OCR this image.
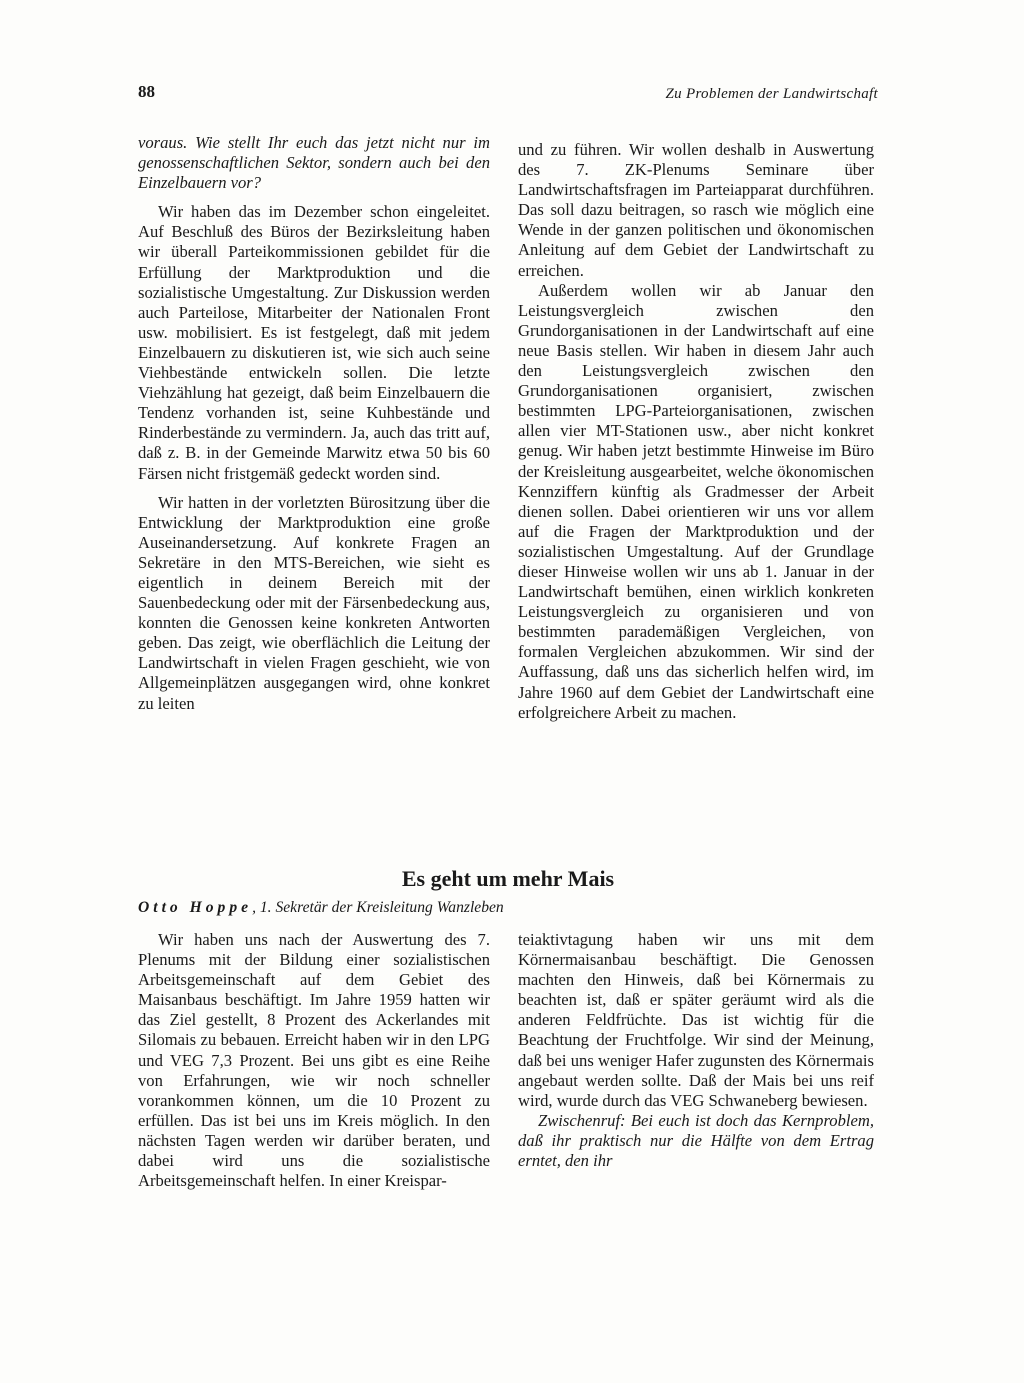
88	Zu Problemen der Landwirtschaft

voraus. Wie stellt Ihr euch das jetzt nicht nur im genossenschaftlichen Sektor, sondern auch bei den Einzelbauern vor?

Wir haben das im Dezember schon eingeleitet. Auf Beschluß des Büros der Bezirksleitung haben wir überall Parteikommissionen gebildet für die Erfüllung der Marktproduktion und die sozialistische Umgestaltung. Zur Diskussion werden auch Parteilose, Mitarbeiter der Nationalen Front usw. mobilisiert. Es ist festgelegt, daß mit jedem Einzelbauern zu diskutieren ist, wie sich auch seine Viehbestände entwickeln sollen. Die letzte Viehzählung hat gezeigt, daß beim Einzelbauern die Tendenz vorhanden ist, seine Kuhbestände und Rinderbestände zu vermindern. Ja, auch das tritt auf, daß z. B. in der Gemeinde Marwitz etwa 50 bis 60 Färsen nicht fristgemäß gedeckt worden sind.

Wir hatten in der vorletzten Bürositzung über die Entwicklung der Marktproduktion eine große Auseinandersetzung. Auf konkrete Fragen an Sekretäre in den MTS-Bereichen, wie sieht es eigentlich in deinem Bereich mit der Sauenbedeckung oder mit der Färsenbedeckung aus, konnten die Genossen keine konkreten Antworten geben. Das zeigt, wie oberflächlich die Leitung der Landwirtschaft in vielen Fragen geschieht, wie von Allgemeinplätzen ausgegangen wird, ohne konkret zu leiten

und zu führen. Wir wollen deshalb in Auswertung des 7. ZK-Plenums Seminare über Landwirtschaftsfragen im Parteiapparat durchführen. Das soll dazu beitragen, so rasch wie möglich eine Wende in der ganzen politischen und ökonomischen Anleitung auf dem Gebiet der Landwirtschaft zu erreichen.

Außerdem wollen wir ab Januar den Leistungsvergleich zwischen den Grundorganisationen in der Landwirtschaft auf eine neue Basis stellen. Wir haben in diesem Jahr auch den Leistungsvergleich zwischen den Grundorganisationen organisiert, zwischen bestimmten LPG-Parteiorganisationen, zwischen allen vier MT-Stationen usw., aber nicht konkret genug. Wir haben jetzt bestimmte Hinweise im Büro der Kreisleitung ausgearbeitet, welche ökonomischen Kennziffern künftig als Gradmesser der Arbeit dienen sollen. Dabei orientieren wir uns vor allem auf die Fragen der Marktproduktion und der sozialistischen Umgestaltung. Auf der Grundlage dieser Hinweise wollen wir uns ab 1. Januar in der Landwirtschaft bemühen, einen wirklich konkreten Leistungsvergleich zu organisieren und von bestimmten parademäßigen Vergleichen, von formalen Vergleichen abzukommen. Wir sind der Auffassung, daß uns das sicherlich helfen wird, im Jahre 1960 auf dem Gebiet der Landwirtschaft eine erfolgreichere Arbeit zu machen.

Es geht um mehr Mais
Otto Hoppe, 1. Sekretär der Kreisleitung Wanzleben

Wir haben uns nach der Auswertung des 7. Plenums mit der Bildung einer sozialistischen Arbeitsgemeinschaft auf dem Gebiet des Maisanbaus beschäftigt. Im Jahre 1959 hatten wir das Ziel gestellt, 8 Prozent des Ackerlandes mit Silomais zu bebauen. Erreicht haben wir in den LPG und VEG 7,3 Prozent. Bei uns gibt es eine Reihe von Erfahrungen, wie wir noch schneller vorankommen können, um die 10 Prozent zu erfüllen. Das ist bei uns im Kreis möglich. In den nächsten Tagen werden wir darüber beraten, und dabei wird uns die sozialistische Arbeitsgemeinschaft helfen. In einer Kreispar-

teiaktivtagung haben wir uns mit dem Körnermaisanbau beschäftigt. Die Genossen machten den Hinweis, daß bei Körnermais zu beachten ist, daß er später geräumt wird als die anderen Feldfrüchte. Das ist wichtig für die Beachtung der Fruchtfolge. Wir sind der Meinung, daß bei uns weniger Hafer zugunsten des Körnermais angebaut werden sollte. Daß der Mais bei uns reif wird, wurde durch das VEG Schwaneberg bewiesen.

Zwischenruf: Bei euch ist doch das Kernproblem, daß ihr praktisch nur die Hälfte von dem Ertrag erntet, den ihr
